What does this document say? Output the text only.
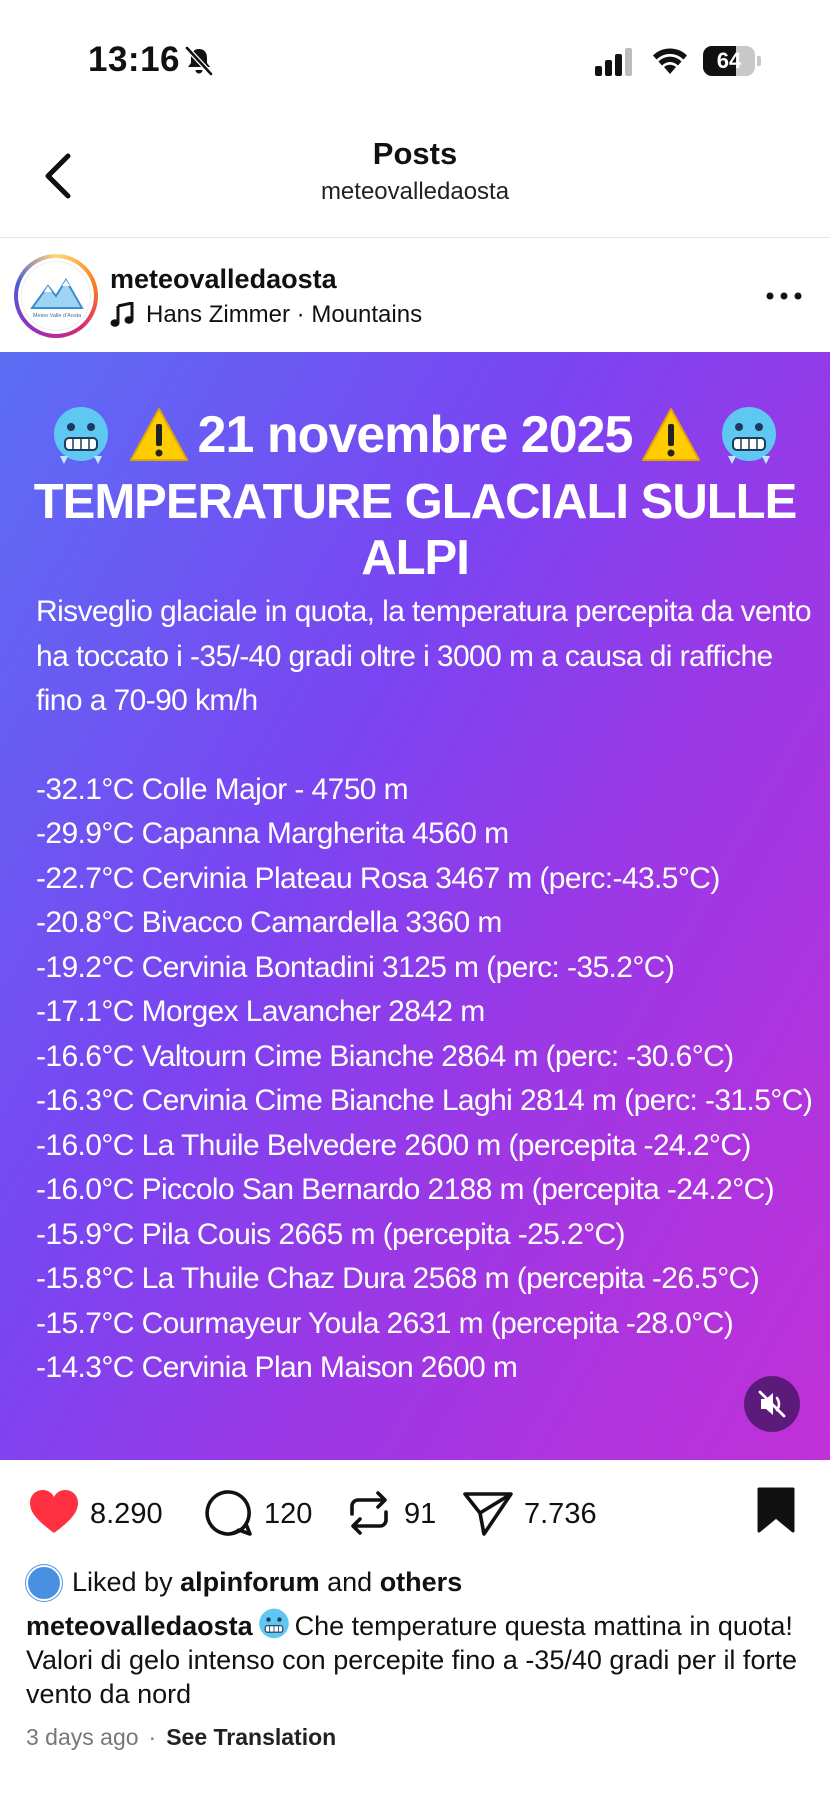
13:16	64
Posts
meteovalledaosta
Meteo Valle d'Aosta
meteovalledaosta
Hans Zimmer · Mountains
21 novembre 2025
TEMPERATURE GLACIALI SULLE ALPI
Risveglio glaciale in quota, la temperatura percepita da vento ha toccato i -35/-40 gradi oltre i 3000 m a causa di raffiche fino a 70-90 km/h
-32.1°C Colle Major - 4750 m
-29.9°C Capanna Margherita 4560 m
-22.7°C Cervinia Plateau Rosa 3467 m (perc:-43.5°C)
-20.8°C Bivacco Camardella 3360 m
-19.2°C Cervinia Bontadini 3125 m (perc: -35.2°C)
-17.1°C Morgex Lavancher 2842 m
-16.6°C Valtourn Cime Bianche 2864 m (perc: -30.6°C)
-16.3°C Cervinia Cime Bianche Laghi 2814 m (perc: -31.5°C)
-16.0°C La Thuile Belvedere 2600 m (percepita -24.2°C)
-16.0°C Piccolo San Bernardo 2188 m (percepita -24.2°C)
-15.9°C Pila Couis 2665 m (percepita -25.2°C)
-15.8°C La Thuile Chaz Dura 2568 m (percepita -26.5°C)
-15.7°C Courmayeur Youla 2631 m (percepita -28.0°C)
-14.3°C Cervinia Plan Maison 2600 m
8.290	120	91	7.736
Liked by alpinforum and others
meteovalledaosta Che temperature questa mattina in quota! Valori di gelo intenso con percepite fino a -35/40 gradi per il forte vento da nord
3 days ago · See Translation
